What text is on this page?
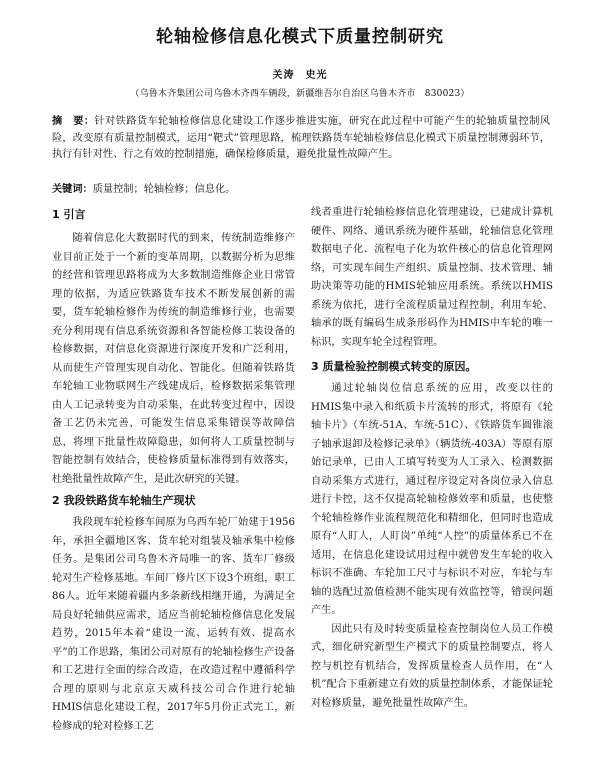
轮轴检修信息化模式下质量控制研究
关涛　史光
（乌鲁木齐集团公司乌鲁木齐西车辆段，新疆维吾尔自治区乌鲁木齐市　830023）
摘　要：针对铁路货车轮轴检修信息化建设工作逐步推进实施，研究在此过程中可能产生的轮轴质量控制风险，改变原有质量控制模式，运用“靶式”管理思路，梳理铁路货车轮轴检修信息化模式下质量控制薄弱环节，执行有针对性、行之有效的控制措施，确保检修质量，避免批量性故障产生。
关键词：质量控制；轮轴检修；信息化。
1 引言

随着信息化大数据时代的到来，传统制造维修产业目前正处于一个新的变革周期，以数据分析为思维的经营和管理思路将成为大多数制造维修企业日常管理的依据，为适应铁路货车技术不断发展创新的需要，货车轮轴检修作为传统的制造维修行业，也需要充分利用现有信息系统资源和各智能检修工装设备的检修数据，对信息化资源进行深度开发和广泛利用，从而使生产管理实现自动化、智能化。但随着铁路货车轮轴工业物联网生产线建成后，检修数据采集管理由人工记录转变为自动采集，在此转变过程中，因设备工艺仍未完善，可能发生信息采集错误等故障信息，将埋下批量性故障隐患，如何将人工质量控制与智能控制有效结合，使检修质量标准得到有效落实，杜绝批量性故障产生，是此次研究的关键。

2 我段铁路货车轮轴生产现状

我段现车轮检修车间原为乌西车轮厂始建于1956年，承担全疆地区客、货车轮对组装及轴承集中检修任务。是集团公司乌鲁木齐局唯一的客、货车厂修级轮对生产检修基地。车间厂修片区下设3个班组，职工86人。近年来随着疆内多条新线相继开通，为满足全局良好轮轴供应需求，适应当前轮轴检修信息化发展趋势，2015年本着“建设一流、运转有效、提高水平”的工作思路，集团公司对原有的轮轴检修生产设备和工艺进行全面的综合改造，在改造过程中遵循科学合理的原则与北京京天威科技公司合作进行轮轴HMIS信息化建设工程，2017年5月份正式完工，新检修成的轮对检修工艺

线者重进行轮轴检修信息化管理建设，已建成计算机硬件、网络、通讯系统为硬件基础，轮轴信息化管理数据电子化、流程电子化为软件核心的信息化管理网络，可实现车间生产组织、质量控制、技术管理、辅助决策等功能的HMIS轮轴应用系统。系统以HMIS系统为依托，进行全流程质量过程控制，利用车轮、轴承的既有编码生成条形码作为HMIS中车轮的唯一标识，实现车轮全过程管理。

3 质量检验控制模式转变的原因。

通过轮轴岗位信息系统的应用，改变以往的HMIS集中录入和纸质卡片流转的形式，将原有《轮轴卡片》（车统-51A、车统-51C）、《铁路货车圆锥滚子轴承退卸及检修记录单》（辆货统-403A）等原有原始记录单，已由人工填写转变为人工录入、检测数据自动采集方式进行，通过程序设定对各岗位录入信息进行卡控，这不仅提高轮轴检修效率和质量，也使整个轮轴检修作业流程规范化和精细化，但同时也造成原有“人盯人，人盯岗”单纯“人控”的质量体系已不在适用，在信息化建设试用过程中就曾发生车轮的收入标识不准确、车轮加工尺寸与标识不对应，车轮与车轴的选配过盈值检测不能实现有效监控等，错误问题产生。

因此只有及时转变质量检查控制岗位人员工作模式，细化研究新型生产模式下的质量控制要点，将人控与机控有机结合，发挥质量检查人员作用，在“人机”配合下重新建立有效的质量控制体系，才能保证轮对检修质量，避免批量性故障产生。
